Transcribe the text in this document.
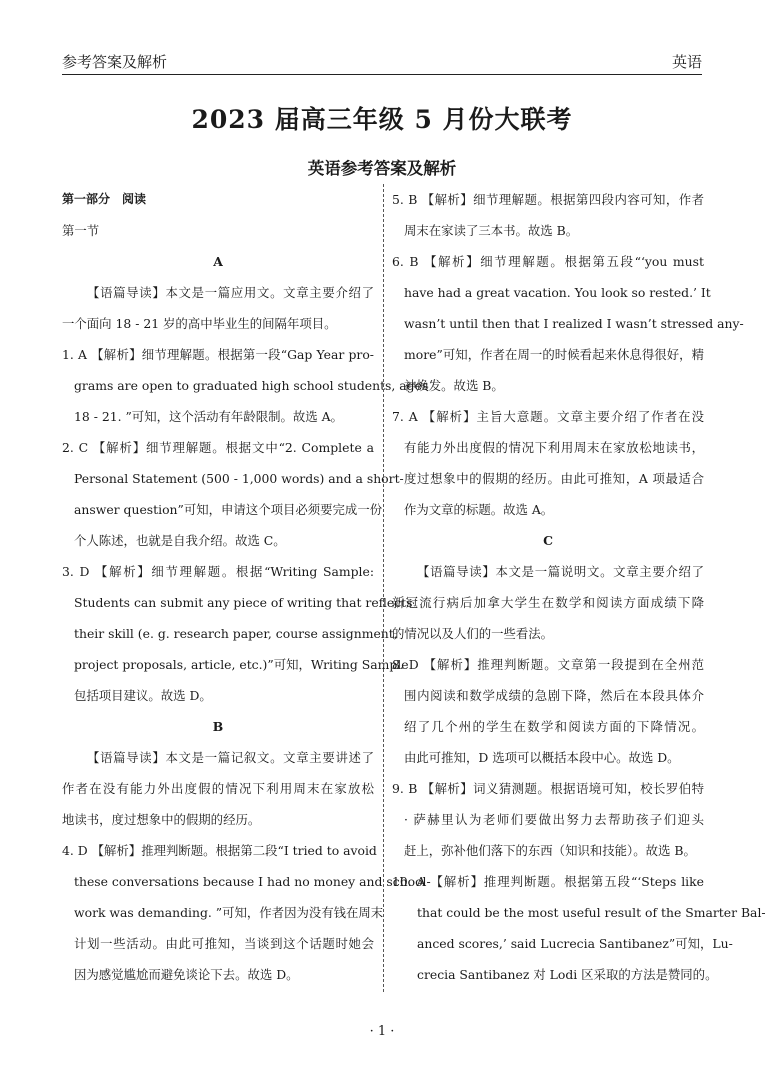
参考答案及解析	英语
2023 届高三年级 5 月份大联考
英语参考答案及解析
第一部分　阅读
第一节
A
【语篇导读】本文是一篇应用文。文章主要介绍了
一个面向 18 - 21 岁的高中毕业生的间隔年项目。
1. A 【解析】细节理解题。根据第一段“Gap Year pro-
grams are open to graduated high school students, ages
18 - 21. ”可知，这个活动有年龄限制。故选 A。
2. C 【解析】细节理解题。根据文中“2. Complete a
Personal Statement (500 - 1,000 words) and a short-
answer question”可知，申请这个项目必须要完成一份
个人陈述，也就是自我介绍。故选 C。
3. D 【解析】细节理解题。根据“Writing Sample:
Students can submit any piece of writing that reflects
their skill (e. g. research paper, course assignment,
project proposals, article, etc.)”可知，Writing Sample
包括项目建议。故选 D。
B
【语篇导读】本文是一篇记叙文。文章主要讲述了
作者在没有能力外出度假的情况下利用周末在家放松
地读书，度过想象中的假期的经历。
4. D 【解析】推理判断题。根据第二段“I tried to avoid
these conversations because I had no money and school-
work was demanding. ”可知，作者因为没有钱在周末
计划一些活动。由此可推知，当谈到这个话题时她会
因为感觉尴尬而避免谈论下去。故选 D。
5. B 【解析】细节理解题。根据第四段内容可知，作者
周末在家读了三本书。故选 B。
6. B 【解析】细节理解题。根据第五段“‘you must
have had a great vacation. You look so rested.’ It
wasn’t until then that I realized I wasn’t stressed any-
more”可知，作者在周一的时候看起来休息得很好，精
神焕发。故选 B。
7. A 【解析】主旨大意题。文章主要介绍了作者在没
有能力外出度假的情况下利用周末在家放松地读书，
度过想象中的假期的经历。由此可推知，A 项最适合
作为文章的标题。故选 A。
C
【语篇导读】本文是一篇说明文。文章主要介绍了
新冠流行病后加拿大学生在数学和阅读方面成绩下降
的情况以及人们的一些看法。
8. D 【解析】推理判断题。文章第一段提到在全州范
围内阅读和数学成绩的急剧下降，然后在本段具体介
绍了几个州的学生在数学和阅读方面的下降情况。
由此可推知，D 选项可以概括本段中心。故选 D。
9. B 【解析】词义猜测题。根据语境可知，校长罗伯特
· 萨赫里认为老师们要做出努力去帮助孩子们迎头
赶上，弥补他们落下的东西（知识和技能）。故选 B。
10. A 【解析】推理判断题。根据第五段“‘Steps like
that could be the most useful result of the Smarter Bal-
anced scores,’ said Lucrecia Santibanez”可知，Lu-
crecia Santibanez 对 Lodi 区采取的方法是赞同的。
· 1 ·
